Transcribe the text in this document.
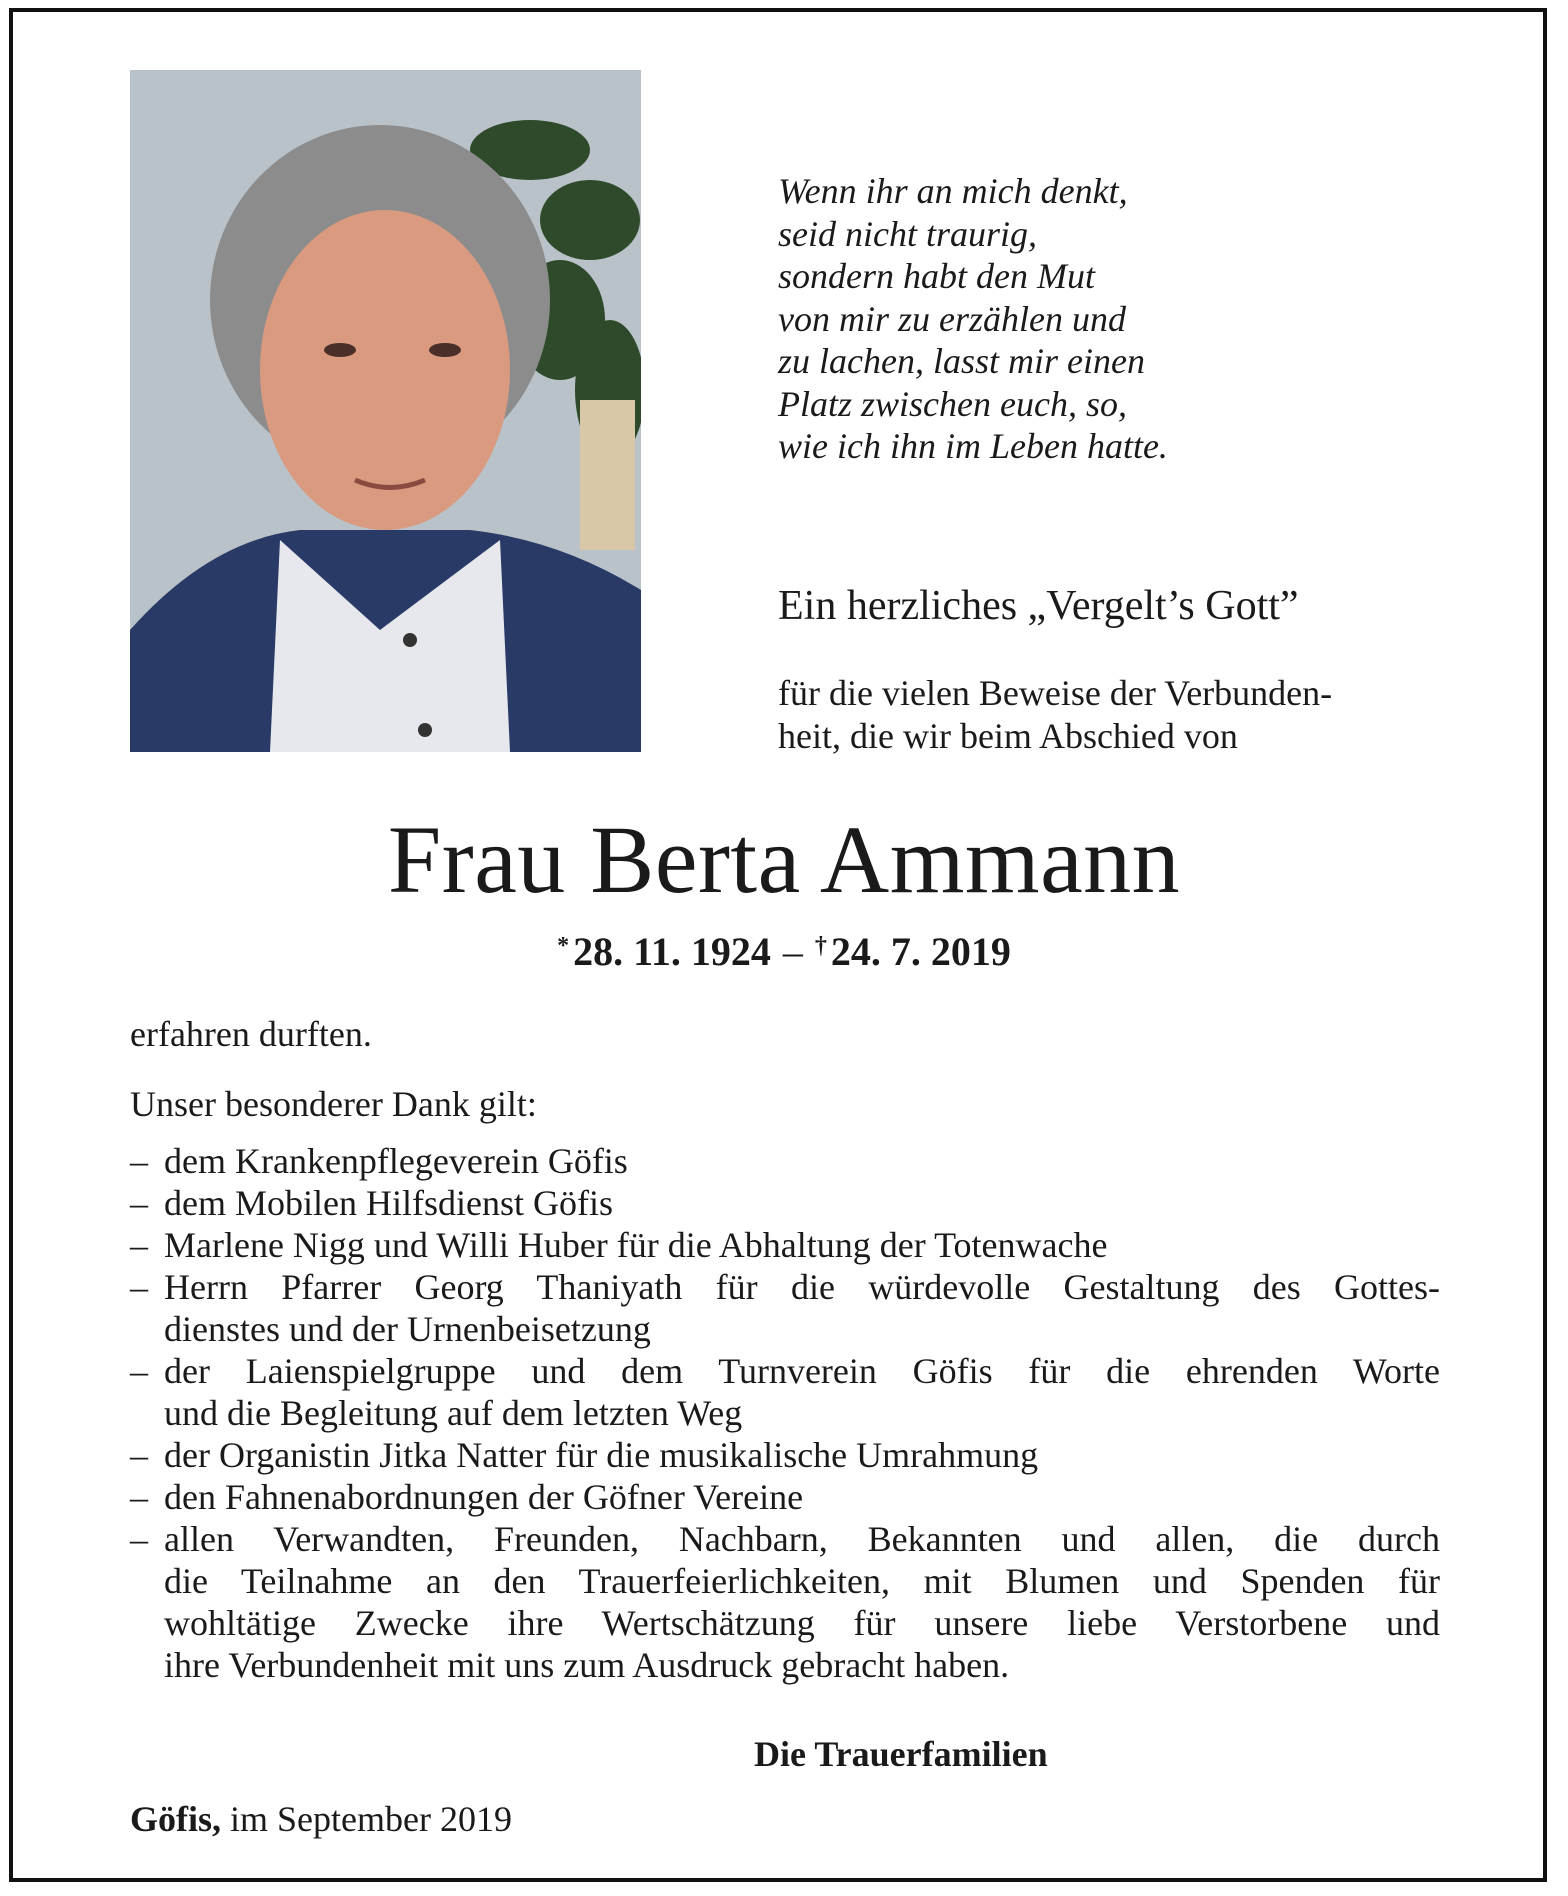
Wenn ihr an mich denkt,
seid nicht traurig,
sondern habt den Mut
von mir zu erzählen und
zu lachen, lasst mir einen
Platz zwischen euch, so,
wie ich ihn im Leben hatte.
Ein herzliches „Vergelt’s Gott”
für die vielen Beweise der Verbunden-
heit, die wir beim Abschied von
Frau Berta Ammann
* 28. 11. 1924 – † 24. 7. 2019
erfahren durften.
Unser besonderer Dank gilt:
– dem Krankenpflegeverein Göfis
– dem Mobilen Hilfsdienst Göfis
– Marlene Nigg und Willi Huber für die Abhaltung der Totenwache
– Herrn Pfarrer Georg Thaniyath für die würdevolle Gestaltung des Gottes-
dienstes und der Urnenbeisetzung
– der Laienspielgruppe und dem Turnverein Göfis für die ehrenden Worte
und die Begleitung auf dem letzten Weg
– der Organistin Jitka Natter für die musikalische Umrahmung
– den Fahnenabordnungen der Göfner Vereine
– allen Verwandten, Freunden, Nachbarn, Bekannten und allen, die durch
die Teilnahme an den Trauerfeierlichkeiten, mit Blumen und Spenden für
wohltätige Zwecke ihre Wertschätzung für unsere liebe Verstorbene und
ihre Verbundenheit mit uns zum Ausdruck gebracht haben.
Die Trauerfamilien
Göfis, im September 2019
